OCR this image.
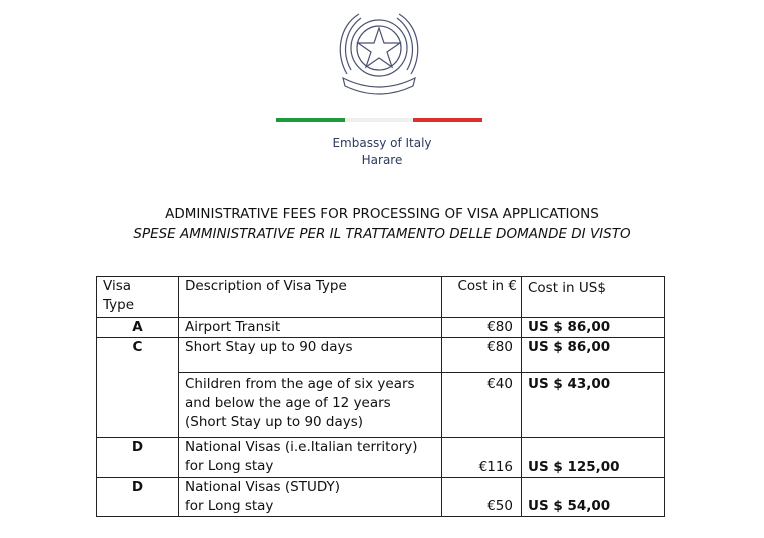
Embassy of Italy
Harare
ADMINISTRATIVE FEES FOR PROCESSING OF VISA APPLICATIONS
SPESE AMMINISTRATIVE PER IL TRATTAMENTO DELLE DOMANDE DI VISTO
Visa
Type	Description of Visa Type	Cost in €	Cost in US$
A	Airport Transit	€80	US $ 86,00
C	Short Stay up to 90 days	€80	US $ 86,00
	Children from the age of six years
and below the age of 12 years
(Short Stay up to 90 days)	€40	US $ 43,00
D	National Visas (i.e.Italian territory)
for Long stay	€116	US $ 125,00
D	National Visas (STUDY)
for Long stay	€50	US $ 54,00
